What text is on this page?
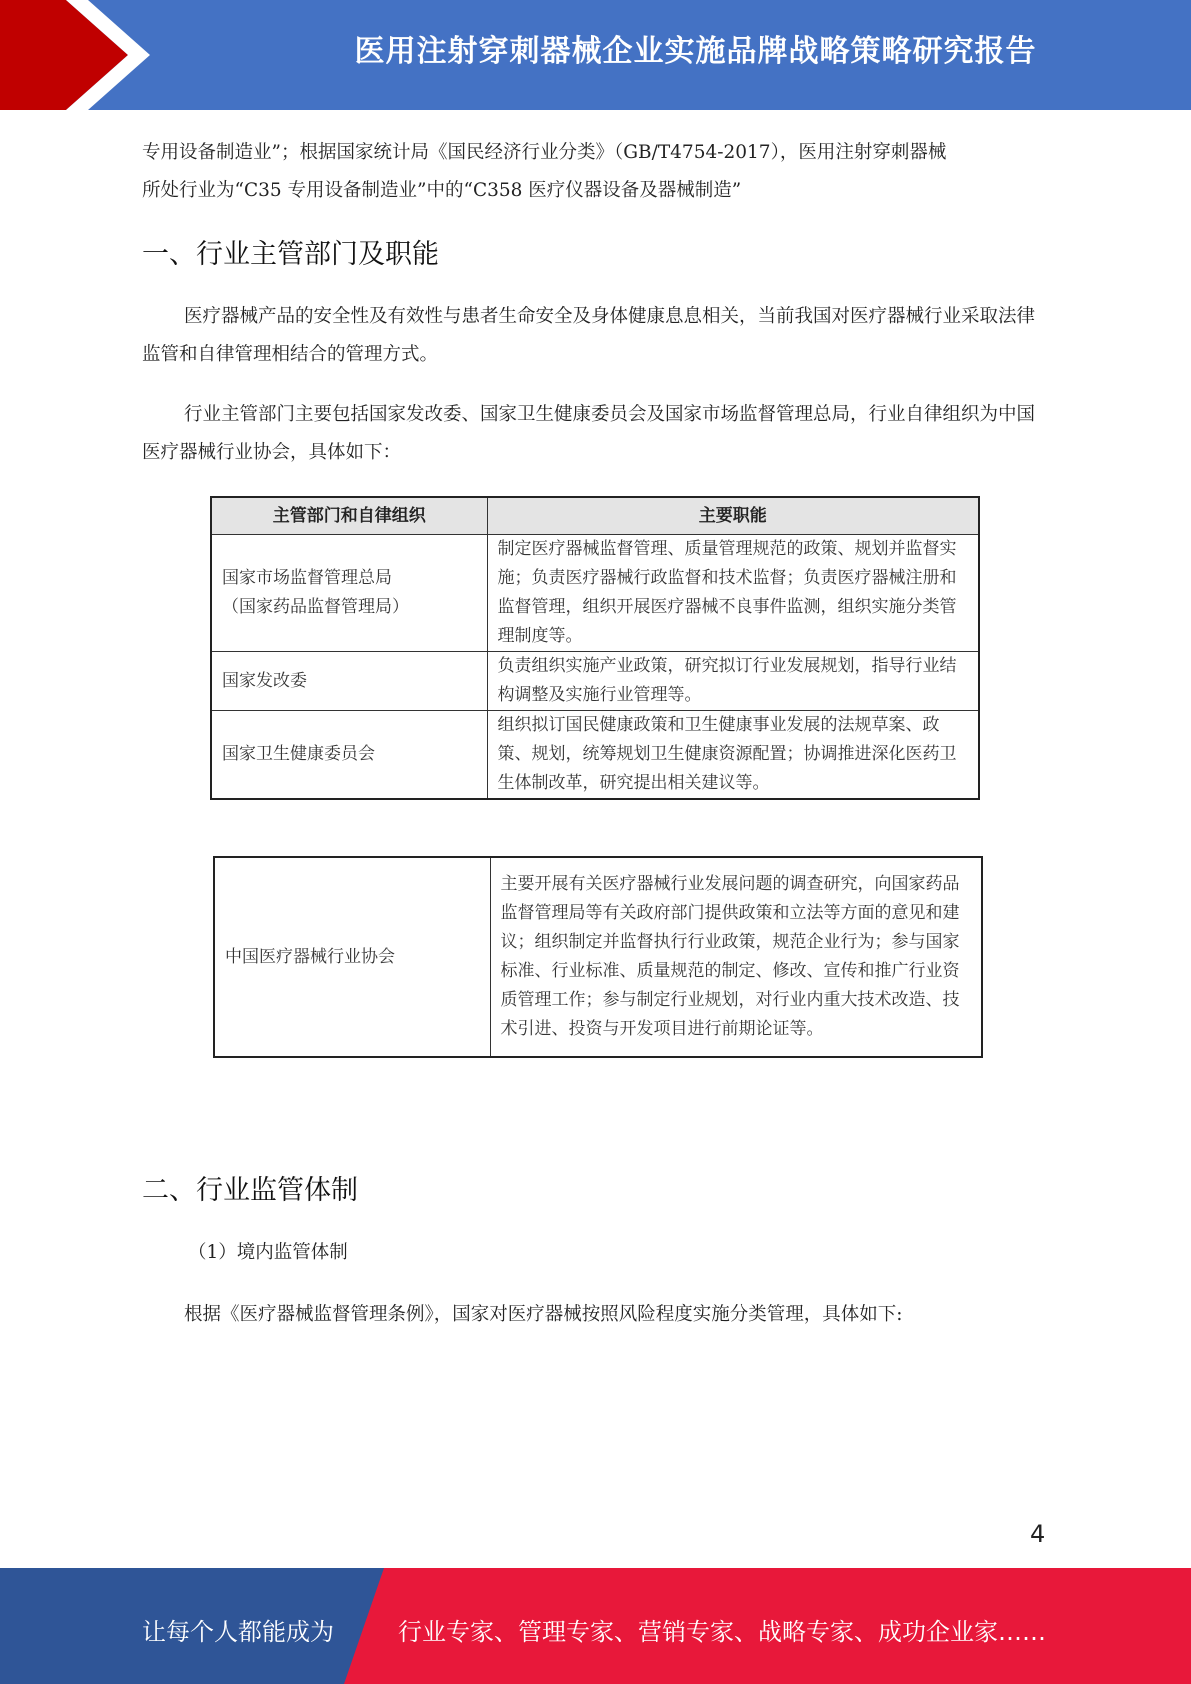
医用注射穿刺器械企业实施品牌战略策略研究报告
专用设备制造业”；根据国家统计局《国民经济行业分类》（GB/T4754-2017），医用注射穿刺器械
所处行业为“C35 专用设备制造业”中的“C358 医疗仪器设备及器械制造”
一、行业主管部门及职能
医疗器械产品的安全性及有效性与患者生命安全及身体健康息息相关，当前我国对医疗器械行业采取法律监管和自律管理相结合的管理方式。
行业主管部门主要包括国家发改委、国家卫生健康委员会及国家市场监督管理总局，行业自律组织为中国医疗器械行业协会，具体如下：
主管部门和自律组织	主要职能

国家市场监督管理总局
（国家药品监督管理局）	制定医疗器械监督管理、质量管理规范的政策、规划并监督实施；负责医疗器械行政监督和技术监督；负责医疗器械注册和监督管理，组织开展医疗器械不良事件监测，组织实施分类管理制度等。
国家发改委	负责组织实施产业政策，研究拟订行业发展规划，指导行业结构调整及实施行业管理等。
国家卫生健康委员会	组织拟订国民健康政策和卫生健康事业发展的法规草案、政策、规划，统筹规划卫生健康资源配置；协调推进深化医药卫生体制改革，研究提出相关建议等。
中国医疗器械行业协会	主要开展有关医疗器械行业发展问题的调查研究，向国家药品监督管理局等有关政府部门提供政策和立法等方面的意见和建议；组织制定并监督执行行业政策，规范企业行为；参与国家标准、行业标准、质量规范的制定、修改、宣传和推广行业资质管理工作；参与制定行业规划，对行业内重大技术改造、技术引进、投资与开发项目进行前期论证等。
二、行业监管体制
（1）境内监管体制
根据《医疗器械监督管理条例》，国家对医疗器械按照风险程度实施分类管理，具体如下:
4
让每个人都能成为	行业专家、管理专家、营销专家、战略专家、成功企业家……
